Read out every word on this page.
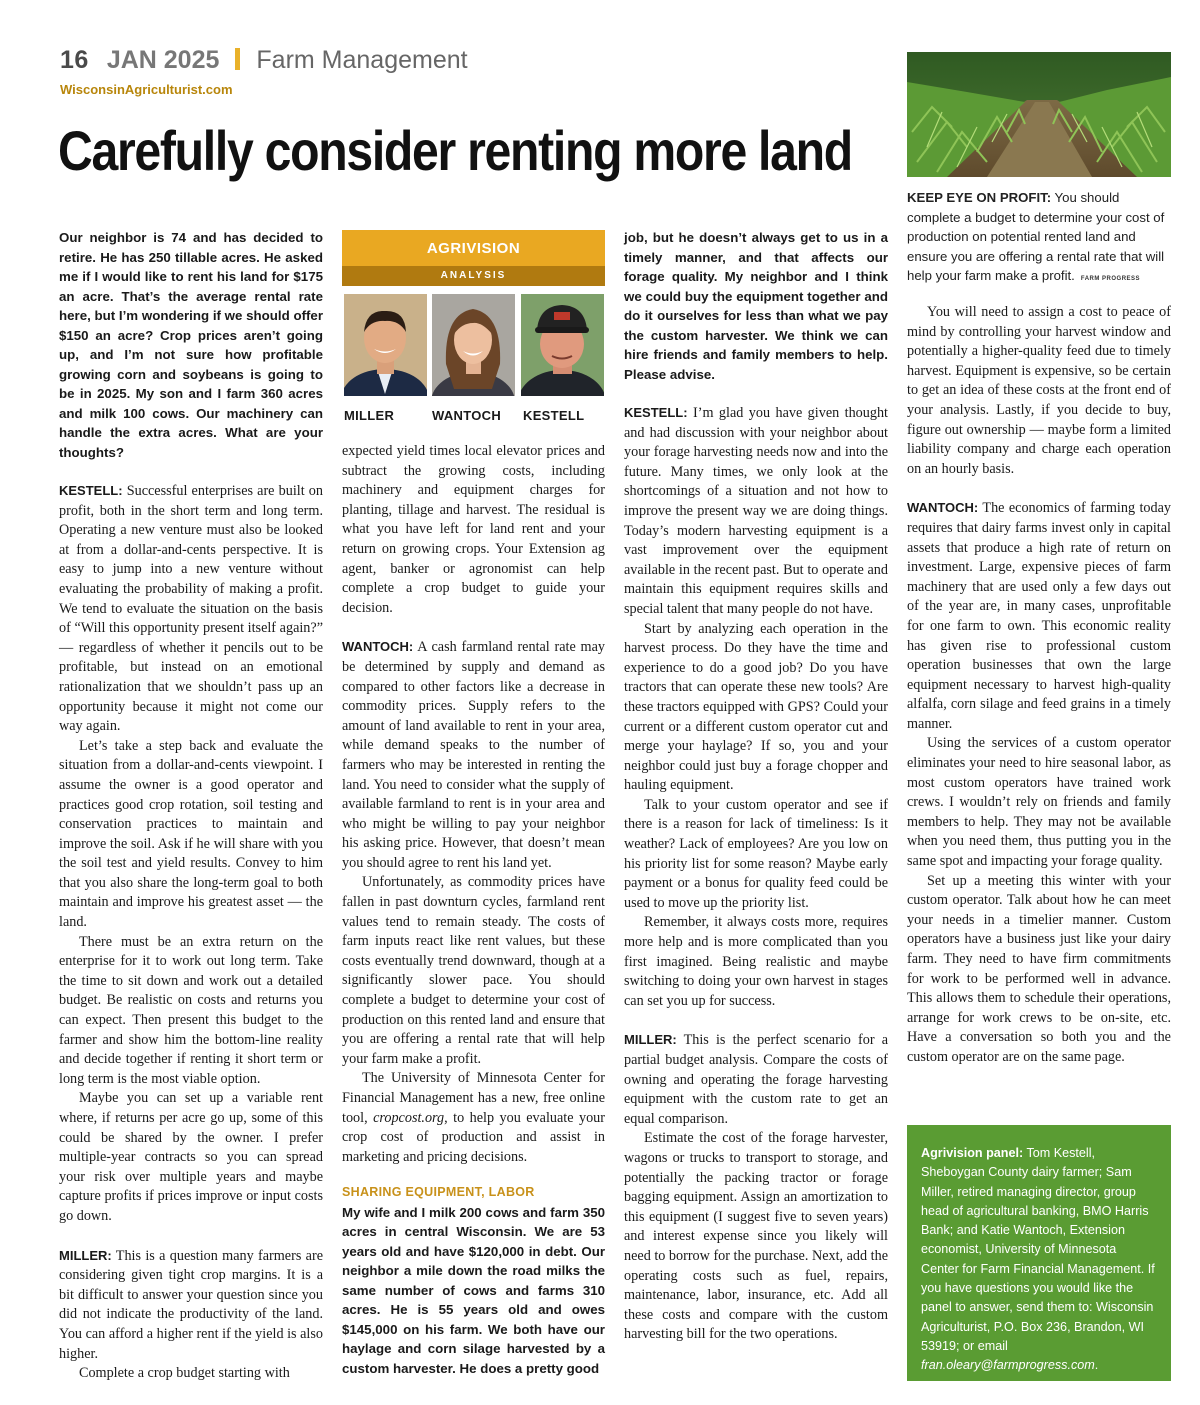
16 JAN 2025 Farm Management
WisconsinAgriculturist.com
Carefully consider renting more land
KEEP EYE ON PROFIT: You should complete a budget to determine your cost of production on potential rented land and ensure you are offering a rental rate that will help your farm make a profit. FARM PROGRESS
Our neighbor is 74 and has decided to retire. He has 250 tillable acres. He asked me if I would like to rent his land for $175 an acre. That’s the average rental rate here, but I’m wondering if we should offer $150 an acre? Crop prices aren’t going up, and I’m not sure how profitable growing corn and soybeans is going to be in 2025. My son and I farm 360 acres and milk 100 cows. Our machinery can handle the extra acres. What are your thoughts?

KESTELL: Successful enterprises are built on profit, both in the short term and long term. Operating a new venture must also be looked at from a dollar-and-cents perspective. It is easy to jump into a new venture without evaluating the probability of making a profit. We tend to evaluate the situation on the basis of “Will this opportunity present itself again?” — regardless of whether it pencils out to be profitable, but instead on an emotional rationalization that we shouldn’t pass up an opportunity because it might not come our way again.

Let’s take a step back and evaluate the situation from a dollar-and-cents viewpoint. I assume the owner is a good operator and practices good crop rotation, soil testing and conservation practices to maintain and improve the soil. Ask if he will share with you the soil test and yield results. Convey to him that you also share the long-term goal to both maintain and improve his greatest asset — the land.

There must be an extra return on the enterprise for it to work out long term. Take the time to sit down and work out a detailed budget. Be realistic on costs and returns you can expect. Then present this budget to the farmer and show him the bottom-line reality and decide together if renting it short term or long term is the most viable option.

Maybe you can set up a variable rent where, if returns per acre go up, some of this could be shared by the owner. I prefer multiple-year contracts so you can spread your risk over multiple years and maybe capture profits if prices improve or input costs go down.

MILLER: This is a question many farmers are considering given tight crop margins. It is a bit difficult to answer your question since you did not indicate the productivity of the land. You can afford a higher rent if the yield is also higher.

Complete a crop budget starting with

AGRIVISION
ANALYSIS
MILLER	WANTOCH KESTELL

expected yield times local elevator prices and subtract the growing costs, including machinery and equipment charges for planting, tillage and harvest. The residual is what you have left for land rent and your return on growing crops. Your Extension ag agent, banker or agronomist can help complete a crop budget to guide your decision.

WANTOCH: A cash farmland rental rate may be determined by supply and demand as compared to other factors like a decrease in commodity prices. Supply refers to the amount of land available to rent in your area, while demand speaks to the number of farmers who may be interested in renting the land. You need to consider what the supply of available farmland to rent is in your area and who might be willing to pay your neighbor his asking price. However, that doesn’t mean you should agree to rent his land yet.

Unfortunately, as commodity prices have fallen in past downturn cycles, farmland rent values tend to remain steady. The costs of farm inputs react like rent values, but these costs eventually trend downward, though at a significantly slower pace. You should complete a budget to determine your cost of production on this rented land and ensure that you are offering a rental rate that will help your farm make a profit.

The University of Minnesota Center for Financial Management has a new, free online tool, cropcost.org, to help you evaluate your crop cost of production and assist in marketing and pricing decisions.

SHARING EQUIPMENT, LABOR
My wife and I milk 200 cows and farm 350 acres in central Wisconsin. We are 53 years old and have $120,000 in debt. Our neighbor a mile down the road milks the same number of cows and farms 310 acres. He is 55 years old and owes $145,000 on his farm. We both have our haylage and corn silage harvested by a custom harvester. He does a pretty good
job, but he doesn’t always get to us in a timely manner, and that affects our forage quality. My neighbor and I think we could buy the equipment together and do it ourselves for less than what we pay the custom harvester. We think we can hire friends and family members to help. Please advise.

KESTELL: I’m glad you have given thought and had discussion with your neighbor about your forage harvesting needs now and into the future. Many times, we only look at the shortcomings of a situation and not how to improve the present way we are doing things. Today’s modern harvesting equipment is a vast improvement over the equipment available in the recent past. But to operate and maintain this equipment requires skills and special talent that many people do not have.

Start by analyzing each operation in the harvest process. Do they have the time and experience to do a good job? Do you have tractors that can operate these new tools? Are these tractors equipped with GPS? Could your current or a different custom operator cut and merge your haylage? If so, you and your neighbor could just buy a forage chopper and hauling equipment.

Talk to your custom operator and see if there is a reason for lack of timeliness: Is it weather? Lack of employees? Are you low on his priority list for some reason? Maybe early payment or a bonus for quality feed could be used to move up the priority list.

Remember, it always costs more, requires more help and is more complicated than you first imagined. Being realistic and maybe switching to doing your own harvest in stages can set you up for success.

MILLER: This is the perfect scenario for a partial budget analysis. Compare the costs of owning and operating the forage harvesting equipment with the custom rate to get an equal comparison.

Estimate the cost of the forage harvester, wagons or trucks to transport to storage, and potentially the packing tractor or forage bagging equipment. Assign an amortization to this equipment (I suggest five to seven years) and interest expense since you likely will need to borrow for the purchase. Next, add the operating costs such as fuel, repairs, maintenance, labor, insurance, etc. Add all these costs and compare with the custom harvesting bill for the two operations.

You will need to assign a cost to peace of mind by controlling your harvest window and potentially a higher-quality feed due to timely harvest. Equipment is expensive, so be certain to get an idea of these costs at the front end of your analysis. Lastly, if you decide to buy, figure out ownership — maybe form a limited liability company and charge each operation on an hourly basis.

WANTOCH: The economics of farming today requires that dairy farms invest only in capital assets that produce a high rate of return on investment. Large, expensive pieces of farm machinery that are used only a few days out of the year are, in many cases, unprofitable for one farm to own. This economic reality has given rise to professional custom operation businesses that own the large equipment necessary to harvest high-quality alfalfa, corn silage and feed grains in a timely manner.

Using the services of a custom operator eliminates your need to hire seasonal labor, as most custom operators have trained work crews. I wouldn’t rely on friends and family members to help. They may not be available when you need them, thus putting you in the same spot and impacting your forage quality.

Set up a meeting this winter with your custom operator. Talk about how he can meet your needs in a timelier manner. Custom operators have a business just like your dairy farm. They need to have firm commitments for work to be performed well in advance. This allows them to schedule their operations, arrange for work crews to be on-site, etc. Have a conversation so both you and the custom operator are on the same page.

Agrivision panel: Tom Kestell, Sheboygan County dairy farmer; Sam Miller, retired managing director, group head of agricultural banking, BMO Harris Bank; and Katie Wantoch, Extension economist, University of Minnesota Center for Farm Financial Management. If you have questions you would like the panel to answer, send them to: Wisconsin Agriculturist, P.O. Box 236, Brandon, WI 53919; or email fran.oleary@farmprogress.com.
